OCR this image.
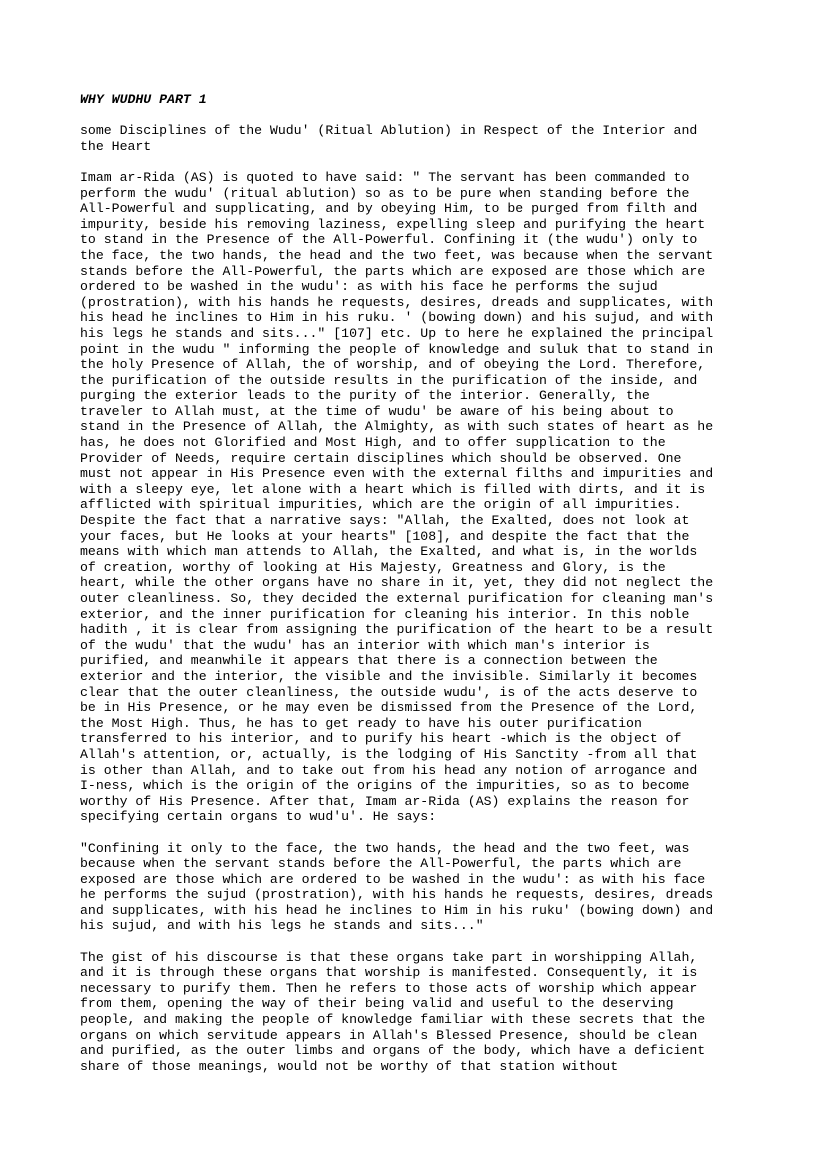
WHY WUDHU PART 1
some Disciplines of the Wudu' (Ritual Ablution) in Respect of the Interior and
the Heart
Imam ar-Rida (AS) is quoted to have said: " The servant has been commanded to
perform the wudu' (ritual ablution) so as to be pure when standing before the
All-Powerful and supplicating, and by obeying Him, to be purged from filth and
impurity, beside his removing laziness, expelling sleep and purifying the heart
to stand in the Presence of the All-Powerful. Confining it (the wudu') only to
the face, the two hands, the head and the two feet, was because when the servant
stands before the All-Powerful, the parts which are exposed are those which are
ordered to be washed in the wudu': as with his face he performs the sujud
(prostration), with his hands he requests, desires, dreads and supplicates, with
his head he inclines to Him in his ruku. ' (bowing down) and his sujud, and with
his legs he stands and sits..." [107] etc. Up to here he explained the principal
point in the wudu " informing the people of knowledge and suluk that to stand in
the holy Presence of Allah, the of worship, and of obeying the Lord. Therefore,
the purification of the outside results in the purification of the inside, and
purging the exterior leads to the purity of the interior. Generally, the
traveler to Allah must, at the time of wudu' be aware of his being about to
stand in the Presence of Allah, the Almighty, as with such states of heart as he
has, he does not Glorified and Most High, and to offer supplication to the
Provider of Needs, require certain disciplines which should be observed. One
must not appear in His Presence even with the external filths and impurities and
with a sleepy eye, let alone with a heart which is filled with dirts, and it is
afflicted with spiritual impurities, which are the origin of all impurities.
Despite the fact that a narrative says: "Allah, the Exalted, does not look at
your faces, but He looks at your hearts" [108], and despite the fact that the
means with which man attends to Allah, the Exalted, and what is, in the worlds
of creation, worthy of looking at His Majesty, Greatness and Glory, is the
heart, while the other organs have no share in it, yet, they did not neglect the
outer cleanliness. So, they decided the external purification for cleaning man's
exterior, and the inner purification for cleaning his interior. In this noble
hadith , it is clear from assigning the purification of the heart to be a result
of the wudu' that the wudu' has an interior with which man's interior is
purified, and meanwhile it appears that there is a connection between the
exterior and the interior, the visible and the invisible. Similarly it becomes
clear that the outer cleanliness, the outside wudu', is of the acts deserve to
be in His Presence, or he may even be dismissed from the Presence of the Lord,
the Most High. Thus, he has to get ready to have his outer purification
transferred to his interior, and to purify his heart -which is the object of
Allah's attention, or, actually, is the lodging of His Sanctity -from all that
is other than Allah, and to take out from his head any notion of arrogance and
I-ness, which is the origin of the origins of the impurities, so as to become
worthy of His Presence. After that, Imam ar-Rida (AS) explains the reason for
specifying certain organs to wud'u'. He says:
"Confining it only to the face, the two hands, the head and the two feet, was
because when the servant stands before the All-Powerful, the parts which are
exposed are those which are ordered to be washed in the wudu': as with his face
he performs the sujud (prostration), with his hands he requests, desires, dreads
and supplicates, with his head he inclines to Him in his ruku' (bowing down) and
his sujud, and with his legs he stands and sits..."
The gist of his discourse is that these organs take part in worshipping Allah,
and it is through these organs that worship is manifested. Consequently, it is
necessary to purify them. Then he refers to those acts of worship which appear
from them, opening the way of their being valid and useful to the deserving
people, and making the people of knowledge familiar with these secrets that the
organs on which servitude appears in Allah's Blessed Presence, should be clean
and purified, as the outer limbs and organs of the body, which have a deficient
share of those meanings, would not be worthy of that station without
